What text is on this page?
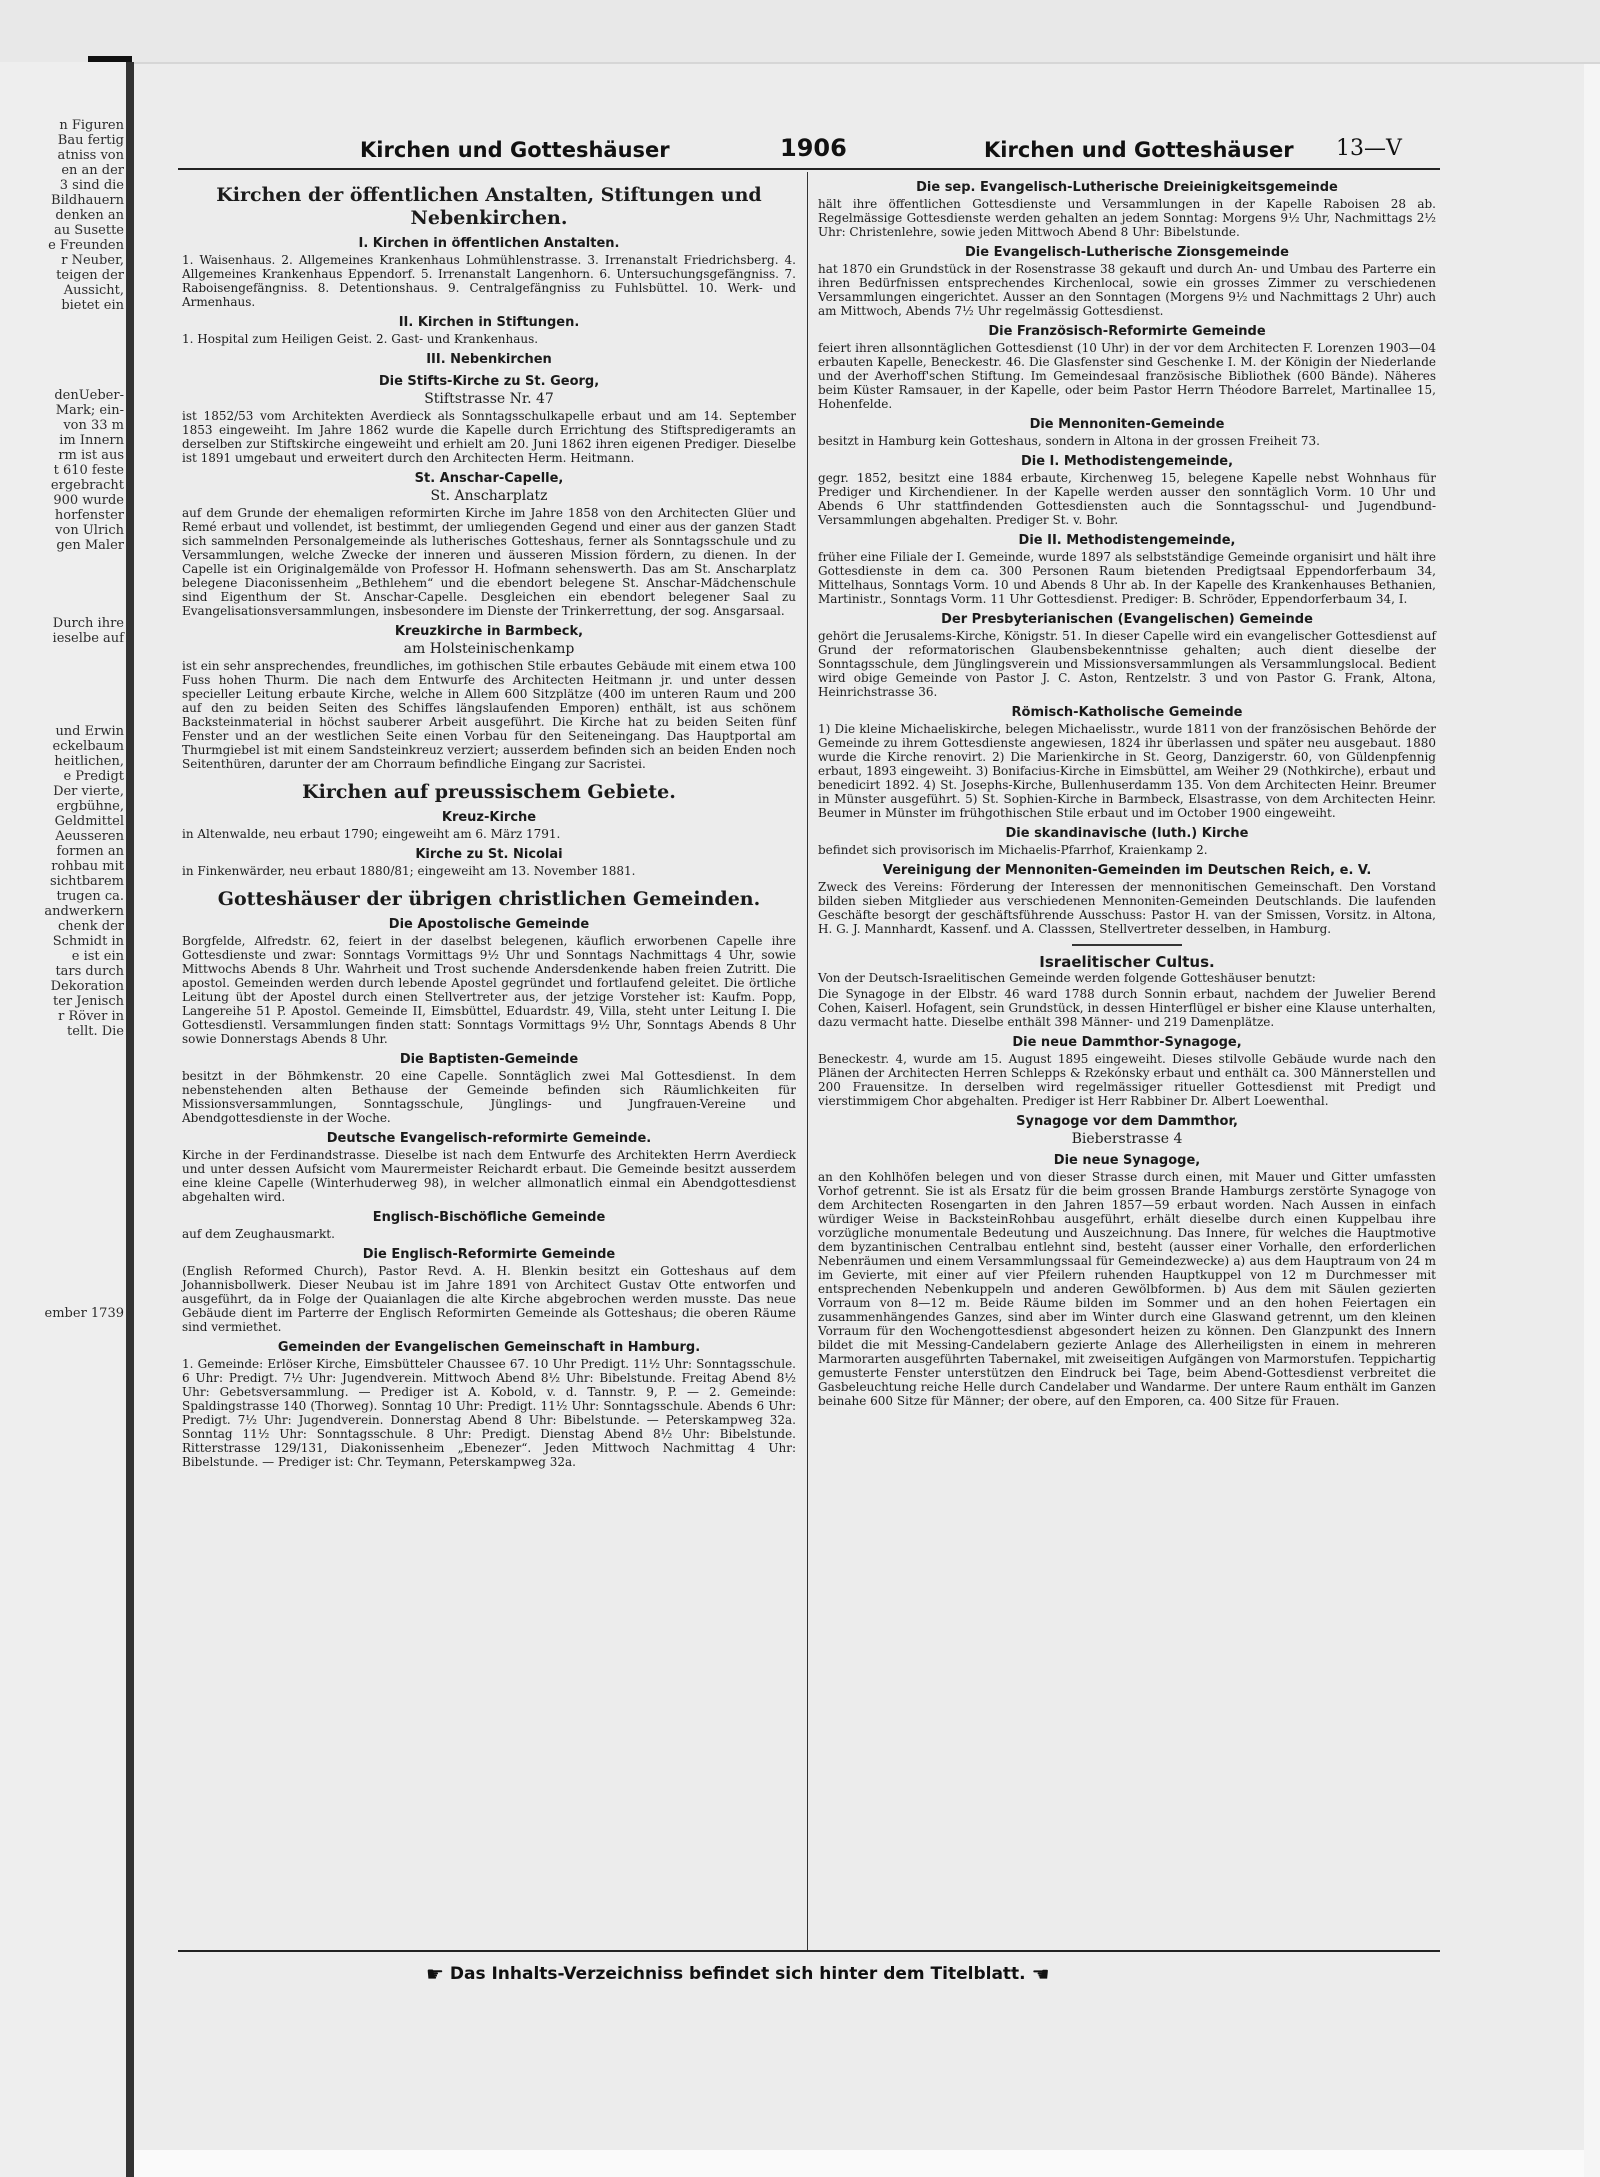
n Figuren
Bau fertig
atniss von
en an der
3 sind die
Bildhauern
denken an
au Susette
e Freunden
r Neuber,
teigen der
Aussicht,
bietet ein
denUeber-
Mark; ein-
von 33 m
im Innern
rm ist aus
t 610 feste
ergebracht
900 wurde
horfenster
von Ulrich
gen Maler
Durch ihre
ieselbe auf
und Erwin
eckelbaum
heitlichen,
e Predigt
Der vierte,
ergbühne,
Geldmittel
Aeusseren
formen an
rohbau mit
sichtbarem
trugen ca.
andwerkern
chenk der
Schmidt in
e ist ein
tars durch
Dekoration
ter Jenisch
r Röver in
tellt. Die
ember 1739
Kirchen und Gotteshäuser	1906	Kirchen und Gotteshäuser 13—V
Kirchen der öffentlichen Anstalten, Stiftungen und Nebenkirchen.
I. Kirchen in öffentlichen Anstalten.

1. Waisenhaus. 2. Allgemeines Krankenhaus Lohmühlenstrasse. 3. Irrenanstalt Friedrichsberg. 4. Allgemeines Krankenhaus Eppendorf. 5. Irrenanstalt Langenhorn. 6. Untersuchungsgefängniss. 7. Raboisengefängniss. 8. Detentionshaus. 9. Centralgefängniss zu Fuhlsbüttel. 10. Werk- und Armenhaus.

II. Kirchen in Stiftungen.

1. Hospital zum Heiligen Geist. 2. Gast- und Krankenhaus.

III. Nebenkirchen
Die Stifts-Kirche zu St. Georg,
Stiftstrasse Nr. 47

ist 1852/53 vom Architekten Averdieck als Sonntagsschulkapelle erbaut und am 14. September 1853 eingeweiht. Im Jahre 1862 wurde die Kapelle durch Errichtung des Stiftspredigeramts an derselben zur Stiftskirche eingeweiht und erhielt am 20. Juni 1862 ihren eigenen Prediger. Dieselbe ist 1891 umgebaut und erweitert durch den Architecten Herm. Heitmann.

St. Anschar-Capelle,
St. Anscharplatz

auf dem Grunde der ehemaligen reformirten Kirche im Jahre 1858 von den Architecten Glüer und Remé erbaut und vollendet, ist bestimmt, der umliegenden Gegend und einer aus der ganzen Stadt sich sammelnden Personalgemeinde als lutherisches Gotteshaus, ferner als Sonntagsschule und zu Versammlungen, welche Zwecke der inneren und äusseren Mission fördern, zu dienen. In der Capelle ist ein Originalgemälde von Professor H. Hofmann sehenswerth. Das am St. Anscharplatz belegene Diaconissenheim „Bethlehem“ und die ebendort belegene St. Anschar-Mädchenschule sind Eigenthum der St. Anschar-Capelle. Desgleichen ein ebendort belegener Saal zu Evangelisationsversammlungen, insbesondere im Dienste der Trinkerrettung, der sog. Ansgarsaal.

Kreuzkirche in Barmbeck,
am Holsteinischenkamp

ist ein sehr ansprechendes, freundliches, im gothischen Stile erbautes Gebäude mit einem etwa 100 Fuss hohen Thurm. Die nach dem Entwurfe des Architecten Heitmann jr. und unter dessen specieller Leitung erbaute Kirche, welche in Allem 600 Sitzplätze (400 im unteren Raum und 200 auf den zu beiden Seiten des Schiffes längslaufenden Emporen) enthält, ist aus schönem Backsteinmaterial in höchst sauberer Arbeit ausgeführt. Die Kirche hat zu beiden Seiten fünf Fenster und an der westlichen Seite einen Vorbau für den Seiteneingang. Das Hauptportal am Thurmgiebel ist mit einem Sandsteinkreuz verziert; ausserdem befinden sich an beiden Enden noch Seitenthüren, darunter der am Chorraum befindliche Eingang zur Sacristei.

Kirchen auf preussischem Gebiete.
Kreuz-Kirche

in Altenwalde, neu erbaut 1790; eingeweiht am 6. März 1791.

Kirche zu St. Nicolai

in Finkenwärder, neu erbaut 1880/81; eingeweiht am 13. November 1881.

Gotteshäuser der übrigen christlichen Gemeinden.
Die Apostolische Gemeinde

Borgfelde, Alfredstr. 62, feiert in der daselbst belegenen, käuflich erworbenen Capelle ihre Gottesdienste und zwar: Sonntags Vormittags 9½ Uhr und Sonntags Nachmittags 4 Uhr, sowie Mittwochs Abends 8 Uhr. Wahrheit und Trost suchende Andersdenkende haben freien Zutritt. Die apostol. Gemeinden werden durch lebende Apostel gegründet und fortlaufend geleitet. Die örtliche Leitung übt der Apostel durch einen Stellvertreter aus, der jetzige Vorsteher ist: Kaufm. Popp, Langereihe 51 P. Apostol. Gemeinde II, Eimsbüttel, Eduardstr. 49, Villa, steht unter Leitung I. Die Gottesdienstl. Versammlungen finden statt: Sonntags Vormittags 9½ Uhr, Sonntags Abends 8 Uhr sowie Donnerstags Abends 8 Uhr.

Die Baptisten-Gemeinde

besitzt in der Böhmkenstr. 20 eine Capelle. Sonntäglich zwei Mal Gottesdienst. In dem nebenstehenden alten Bethause der Gemeinde befinden sich Räumlichkeiten für Missionsversammlungen, Sonntagsschule, Jünglings- und Jungfrauen-Vereine und Abendgottesdienste in der Woche.

Deutsche Evangelisch-reformirte Gemeinde.

Kirche in der Ferdinandstrasse. Dieselbe ist nach dem Entwurfe des Architekten Herrn Averdieck und unter dessen Aufsicht vom Maurermeister Reichardt erbaut. Die Gemeinde besitzt ausserdem eine kleine Capelle (Winterhuderweg 98), in welcher allmonatlich einmal ein Abendgottesdienst abgehalten wird.

Englisch-Bischöfliche Gemeinde

auf dem Zeughausmarkt.

Die Englisch-Reformirte Gemeinde

(English Reformed Church), Pastor Revd. A. H. Blenkin besitzt ein Gotteshaus auf dem Johannisbollwerk. Dieser Neubau ist im Jahre 1891 von Architect Gustav Otte entworfen und ausgeführt, da in Folge der Quaianlagen die alte Kirche abgebrochen werden musste. Das neue Gebäude dient im Parterre der Englisch Reformirten Gemeinde als Gotteshaus; die oberen Räume sind vermiethet.

Gemeinden der Evangelischen Gemeinschaft in Hamburg.

1. Gemeinde: Erlöser Kirche, Eimsbütteler Chaussee 67. 10 Uhr Predigt. 11½ Uhr: Sonntagsschule. 6 Uhr: Predigt. 7½ Uhr: Jugendverein. Mittwoch Abend 8½ Uhr: Bibelstunde. Freitag Abend 8½ Uhr: Gebetsversammlung. — Prediger ist A. Kobold, v. d. Tannstr. 9, P. — 2. Gemeinde: Spaldingstrasse 140 (Thorweg). Sonntag 10 Uhr: Predigt. 11½ Uhr: Sonntagsschule. Abends 6 Uhr: Predigt. 7½ Uhr: Jugendverein. Donnerstag Abend 8 Uhr: Bibelstunde. — Peterskampweg 32a. Sonntag 11½ Uhr: Sonntagsschule. 8 Uhr: Predigt. Dienstag Abend 8½ Uhr: Bibelstunde. Ritterstrasse 129/131, Diakonissenheim „Ebenezer“. Jeden Mittwoch Nachmittag 4 Uhr: Bibelstunde. — Prediger ist: Chr. Teymann, Peterskampweg 32a.

Die sep. Evangelisch-Lutherische Dreieinigkeitsgemeinde

hält ihre öffentlichen Gottesdienste und Versammlungen in der Kapelle Raboisen 28 ab. Regelmässige Gottesdienste werden gehalten an jedem Sonntag: Morgens 9½ Uhr, Nachmittags 2½ Uhr: Christenlehre, sowie jeden Mittwoch Abend 8 Uhr: Bibelstunde.

Die Evangelisch-Lutherische Zionsgemeinde

hat 1870 ein Grundstück in der Rosenstrasse 38 gekauft und durch An- und Umbau des Parterre ein ihren Bedürfnissen entsprechendes Kirchenlocal, sowie ein grosses Zimmer zu verschiedenen Versammlungen eingerichtet. Ausser an den Sonntagen (Morgens 9½ und Nachmittags 2 Uhr) auch am Mittwoch, Abends 7½ Uhr regelmässig Gottesdienst.

Die Französisch-Reformirte Gemeinde

feiert ihren allsonntäglichen Gottesdienst (10 Uhr) in der vor dem Architecten F. Lorenzen 1903—04 erbauten Kapelle, Beneckestr. 46. Die Glasfenster sind Geschenke I. M. der Königin der Niederlande und der Averhoff'schen Stiftung. Im Gemeindesaal französische Bibliothek (600 Bände). Näheres beim Küster Ramsauer, in der Kapelle, oder beim Pastor Herrn Théodore Barrelet, Martinallee 15, Hohenfelde.

Die Mennoniten-Gemeinde

besitzt in Hamburg kein Gotteshaus, sondern in Altona in der grossen Freiheit 73.

Die I. Methodistengemeinde,

gegr. 1852, besitzt eine 1884 erbaute, Kirchenweg 15, belegene Kapelle nebst Wohnhaus für Prediger und Kirchendiener. In der Kapelle werden ausser den sonntäglich Vorm. 10 Uhr und Abends 6 Uhr stattfindenden Gottesdiensten auch die Sonntagsschul- und Jugendbund-Versammlungen abgehalten. Prediger St. v. Bohr.

Die II. Methodistengemeinde,

früher eine Filiale der I. Gemeinde, wurde 1897 als selbstständige Gemeinde organisirt und hält ihre Gottesdienste in dem ca. 300 Personen Raum bietenden Predigtsaal Eppendorferbaum 34, Mittelhaus, Sonntags Vorm. 10 und Abends 8 Uhr ab. In der Kapelle des Krankenhauses Bethanien, Martinistr., Sonntags Vorm. 11 Uhr Gottesdienst. Prediger: B. Schröder, Eppendorferbaum 34, I.

Der Presbyterianischen (Evangelischen) Gemeinde

gehört die Jerusalems-Kirche, Königstr. 51. In dieser Capelle wird ein evangelischer Gottesdienst auf Grund der reformatorischen Glaubensbekenntnisse gehalten; auch dient dieselbe der Sonntagsschule, dem Jünglingsverein und Missionsversammlungen als Versammlungslocal. Bedient wird obige Gemeinde von Pastor J. C. Aston, Rentzelstr. 3 und von Pastor G. Frank, Altona, Heinrichstrasse 36.

Römisch-Katholische Gemeinde

1) Die kleine Michaeliskirche, belegen Michaelisstr., wurde 1811 von der französischen Behörde der Gemeinde zu ihrem Gottesdienste angewiesen, 1824 ihr überlassen und später neu ausgebaut. 1880 wurde die Kirche renovirt. 2) Die Marienkirche in St. Georg, Danzigerstr. 60, von Güldenpfennig erbaut, 1893 eingeweiht. 3) Bonifacius-Kirche in Eimsbüttel, am Weiher 29 (Nothkirche), erbaut und benedicirt 1892. 4) St. Josephs-Kirche, Bullenhuserdamm 135. Von dem Architecten Heinr. Breumer in Münster ausgeführt. 5) St. Sophien-Kirche in Barmbeck, Elsastrasse, von dem Architecten Heinr. Beumer in Münster im frühgothischen Stile erbaut und im October 1900 eingeweiht.

Die skandinavische (luth.) Kirche

befindet sich provisorisch im Michaelis-Pfarrhof, Kraienkamp 2.

Vereinigung der Mennoniten-Gemeinden im Deutschen Reich, e. V.

Zweck des Vereins: Förderung der Interessen der mennonitischen Gemeinschaft. Den Vorstand bilden sieben Mitglieder aus verschiedenen Mennoniten-Gemeinden Deutschlands. Die laufenden Geschäfte besorgt der geschäftsführende Ausschuss: Pastor H. van der Smissen, Vorsitz. in Altona, H. G. J. Mannhardt, Kassenf. und A. Classsen, Stellvertreter desselben, in Hamburg.

Israelitischer Cultus.

Von der Deutsch-Israelitischen Gemeinde werden folgende Gotteshäuser benutzt:

Die Synagoge in der Elbstr. 46 ward 1788 durch Sonnin erbaut, nachdem der Juwelier Berend Cohen, Kaiserl. Hofagent, sein Grundstück, in dessen Hinterflügel er bisher eine Klause unterhalten, dazu vermacht hatte. Dieselbe enthält 398 Männer- und 219 Damenplätze.

Die neue Dammthor-Synagoge,

Beneckestr. 4, wurde am 15. August 1895 eingeweiht. Dieses stilvolle Gebäude wurde nach den Plänen der Architecten Herren Schlepps & Rzekónsky erbaut und enthält ca. 300 Männerstellen und 200 Frauensitze. In derselben wird regelmässiger ritueller Gottesdienst mit Predigt und vierstimmigem Chor abgehalten. Prediger ist Herr Rabbiner Dr. Albert Loewenthal.

Synagoge vor dem Dammthor,
Bieberstrasse 4
Die neue Synagoge,

an den Kohlhöfen belegen und von dieser Strasse durch einen, mit Mauer und Gitter umfassten Vorhof getrennt. Sie ist als Ersatz für die beim grossen Brande Hamburgs zerstörte Synagoge von dem Architecten Rosengarten in den Jahren 1857—59 erbaut worden. Nach Aussen in einfach würdiger Weise in BacksteinRohbau ausgeführt, erhält dieselbe durch einen Kuppelbau ihre vorzügliche monumentale Bedeutung und Auszeichnung. Das Innere, für welches die Hauptmotive dem byzantinischen Centralbau entlehnt sind, besteht (ausser einer Vorhalle, den erforderlichen Nebenräumen und einem Versammlungssaal für Gemeindezwecke) a) aus dem Hauptraum von 24 m im Gevierte, mit einer auf vier Pfeilern ruhenden Hauptkuppel von 12 m Durchmesser mit entsprechenden Nebenkuppeln und anderen Gewölbformen. b) Aus dem mit Säulen gezierten Vorraum von 8—12 m. Beide Räume bilden im Sommer und an den hohen Feiertagen ein zusammenhängendes Ganzes, sind aber im Winter durch eine Glaswand getrennt, um den kleinen Vorraum für den Wochengottesdienst abgesondert heizen zu können. Den Glanzpunkt des Innern bildet die mit Messing-Candelabern gezierte Anlage des Allerheiligsten in einem in mehreren Marmorarten ausgeführten Tabernakel, mit zweiseitigen Aufgängen von Marmorstufen. Teppichartig gemusterte Fenster unterstützen den Eindruck bei Tage, beim Abend-Gottesdienst verbreitet die Gasbeleuchtung reiche Helle durch Candelaber und Wandarme. Der untere Raum enthält im Ganzen beinahe 600 Sitze für Männer; der obere, auf den Emporen, ca. 400 Sitze für Frauen.

☛ Das Inhalts-Verzeichniss befindet sich hinter dem Titelblatt. ☚
